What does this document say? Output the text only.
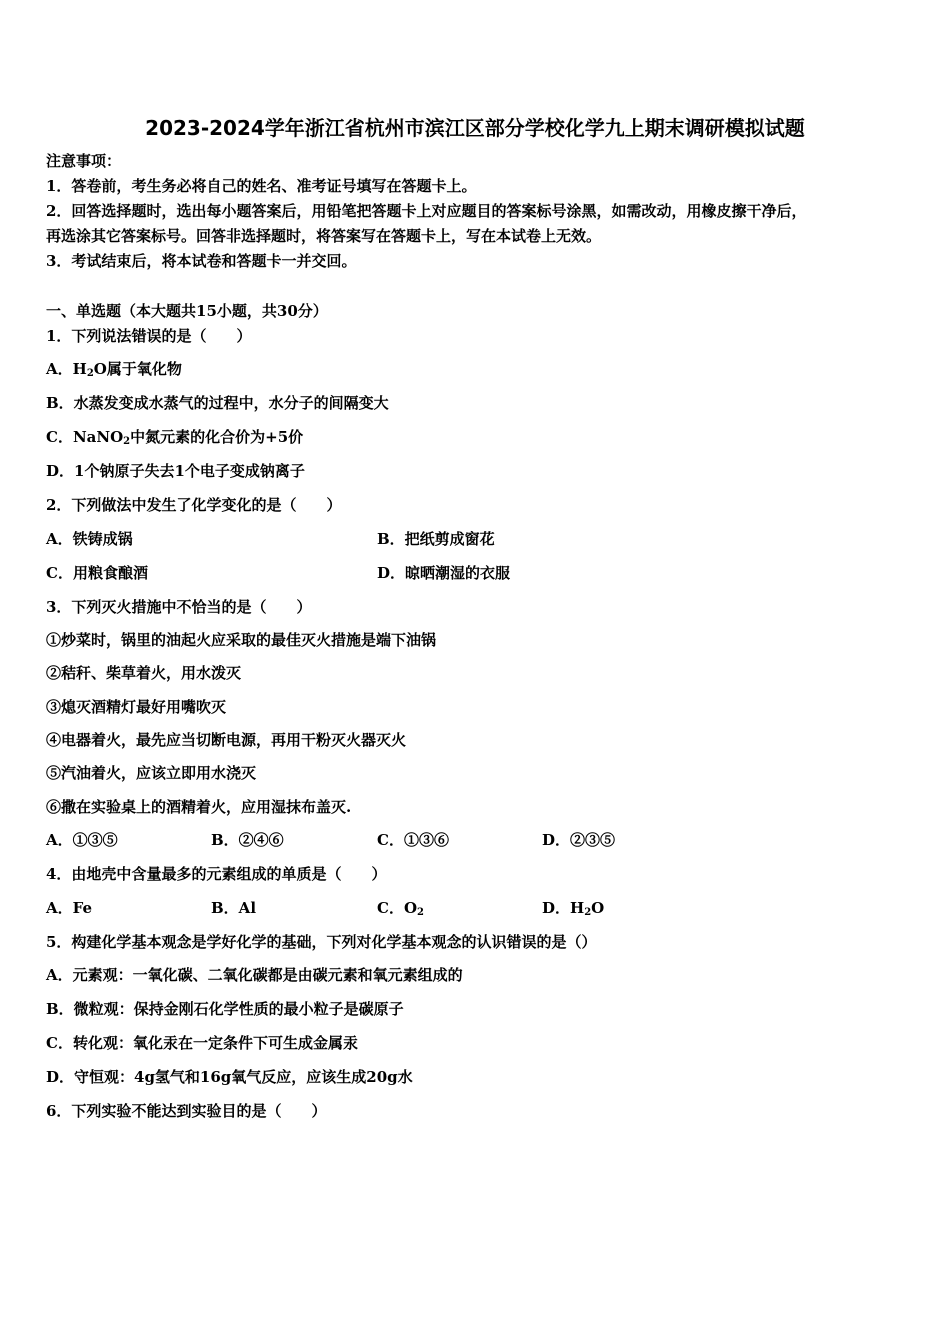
2023-2024学年浙江省杭州市滨江区部分学校化学九上期末调研模拟试题
注意事项：
1．答卷前，考生务必将自己的姓名、准考证号填写在答题卡上。
2．回答选择题时，选出每小题答案后，用铅笔把答题卡上对应题目的答案标号涂黑，如需改动，用橡皮擦干净后，
再选涂其它答案标号。回答非选择题时，将答案写在答题卡上，写在本试卷上无效。
3．考试结束后，将本试卷和答题卡一并交回。
一、单选题（本大题共15小题，共30分）
1．下列说法错误的是（　　）
A．$H_2O$属于氧化物
B．水蒸发变成水蒸气的过程中，水分子的间隔变大
C．NaNO$_2$中氮元素的化合价为+5价
D．1个钠原子失去1个电子变成钠离子
2．下列做法中发生了化学变化的是（　　）
A．铁铸成锅	B．把纸剪成窗花
C．用粮食酿酒	D．晾晒潮湿的衣服
3．下列灭火措施中不恰当的是（　　）
①炒菜时，锅里的油起火应采取的最佳灭火措施是端下油锅
②秸秆、柴草着火，用水泼灭
③熄灭酒精灯最好用嘴吹灭
④电器着火，最先应当切断电源，再用干粉灭火器灭火
⑤汽油着火，应该立即用水浇灭
⑥撒在实验桌上的酒精着火，应用湿抹布盖灭.
A．①③⑤	B．②④⑥	C．①③⑥	D．②③⑤
4．由地壳中含量最多的元素组成的单质是（　　）
A．Fe	B．Al	C．$O_2$	D．$H_2O$
5．构建化学基本观念是学好化学的基础，下列对化学基本观念的认识错误的是（）
A．元素观：一氧化碳、二氧化碳都是由碳元素和氧元素组成的
B．微粒观：保持金刚石化学性质的最小粒子是碳原子
C．转化观：氧化汞在一定条件下可生成金属汞
D．守恒观：4g氢气和16g氧气反应，应该生成20g水
6．下列实验不能达到实验目的是（　　）
